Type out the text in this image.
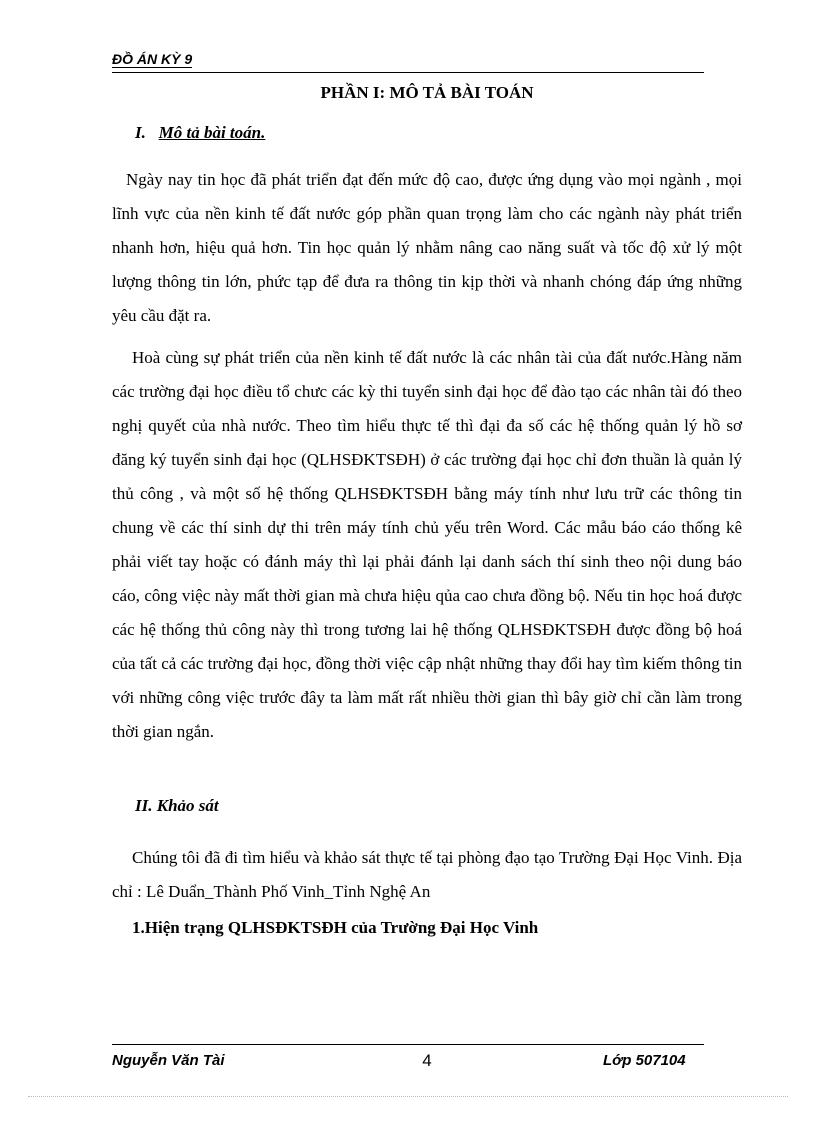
ĐỒ ÁN KỲ 9
PHẦN I: MÔ TẢ BÀI TOÁN
I. Mô tả bài toán.
Ngày nay tin học đã phát triển đạt đến mức độ cao, được ứng dụng vào mọi ngành , mọi lĩnh vực của nền kinh tế đất nước góp phần quan trọng làm cho các ngành này phát triển nhanh hơn, hiệu quả hơn. Tin học quản lý nhằm nâng cao năng suất và tốc độ xử lý một lượng thông tin lớn, phức tạp để đưa ra thông tin kịp thời và nhanh chóng đáp ứng những yêu cầu đặt ra.
Hoà cùng sự phát triển của nền kinh tế đất nước là các nhân tài của đất nước.Hàng năm các trường đại học điều tổ chưc các kỳ thi tuyển sinh đại học để đào tạo các nhân tài đó theo nghị quyết của nhà nước. Theo tìm hiểu thực tế thì đại đa số các hệ thống quản lý hồ sơ đăng ký tuyển sinh đại học (QLHSĐKTSĐH) ở các trường đại học chỉ đơn thuần là quản lý thủ công , và một số hệ thống QLHSĐKTSĐH bằng máy tính như lưu trữ các thông tin chung về các thí sinh dự thi trên máy tính chủ yếu trên Word. Các mẫu báo cáo thống kê phải viết tay hoặc có đánh máy thì lại phải đánh lại danh sách thí sinh theo nội dung báo cáo, công việc này mất thời gian mà chưa hiệu qủa cao chưa đồng bộ. Nếu tin học hoá được các hệ thống thủ công này thì trong tương lai hệ thống QLHSĐKTSĐH được đồng bộ hoá của tất cả các trường đại học, đồng thời việc cập nhật những thay đổi hay tìm kiếm thông tin với những công việc trước đây ta làm mất rất nhiều thời gian thì bây giờ chỉ cần làm trong thời gian ngắn.
II. Khảo sát
Chúng tôi đã đi tìm hiểu và khảo sát thực tế tại phòng đạo tạo Trường Đại Học Vinh. Địa chỉ : Lê Duẩn_Thành Phố Vinh_Tỉnh Nghệ An
1.Hiện trạng QLHSĐKTSĐH của Trường Đại Học Vinh
Nguyễn Văn Tài	4	Lớp 507104
